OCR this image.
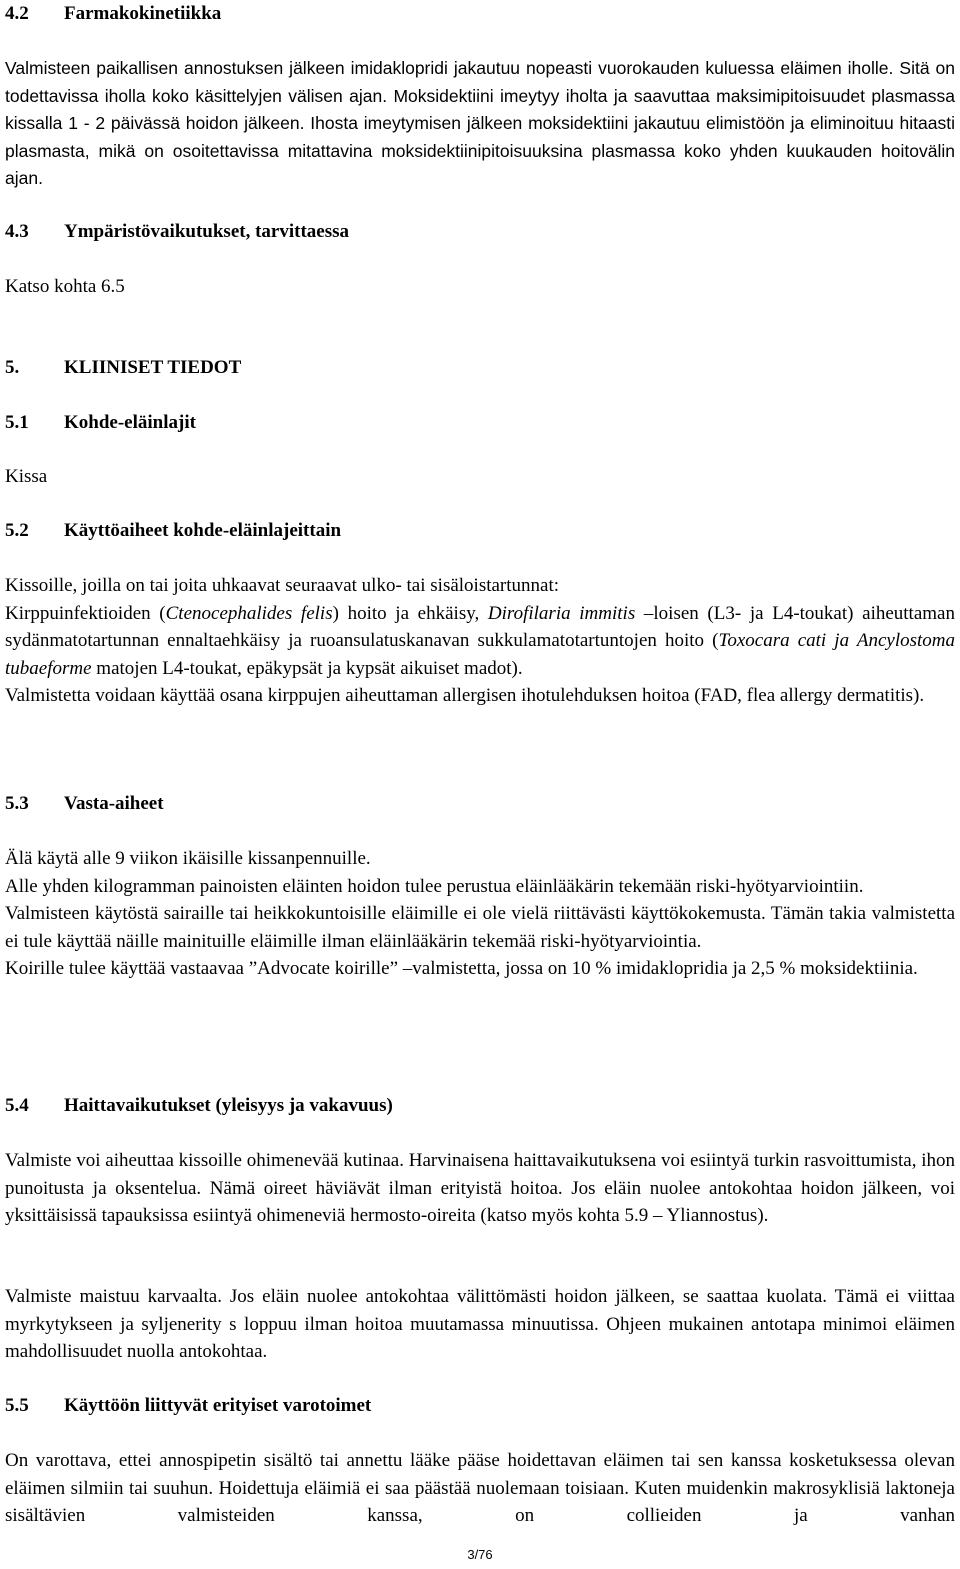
4.2	Farmakokinetiikka

Valmisteen paikallisen annostuksen jälkeen imidaklopridi jakautuu nopeasti vuorokauden kuluessa eläimen iholle. Sitä on todettavissa iholla koko käsittelyjen välisen ajan. Moksidektiini imeytyy iholta ja saavuttaa maksimipitoisuudet plasmassa kissalla 1 - 2 päivässä hoidon jälkeen. Ihosta imeytymisen jälkeen moksidektiini jakautuu elimistöön ja eliminoituu hitaasti plasmasta, mikä on osoitettavissa mitattavina moksidektiinipitoisuuksina plasmassa koko yhden kuukauden hoitovälin ajan.

4.3	Ympäristövaikutukset, tarvittaessa

Katso kohta 6.5

5.	KLIINISET TIEDOT
5.1	Kohde-eläinlajit

Kissa

5.2	Käyttöaiheet kohde-eläinlajeittain

Kissoille, joilla on tai joita uhkaavat seuraavat ulko- tai sisäloistartunnat:

Kirppuinfektioiden (Ctenocephalides felis) hoito ja ehkäisy, Dirofilaria immitis –loisen (L3- ja L4-toukat) aiheuttaman sydänmatotartunnan ennaltaehkäisy ja ruoansulatuskanavan sukkulamatotartuntojen hoito (Toxocara cati ja Ancylostoma tubaeforme matojen L4-toukat, epäkypsät ja kypsät aikuiset madot).

Valmistetta voidaan käyttää osana kirppujen aiheuttaman allergisen ihotulehduksen hoitoa (FAD, flea allergy dermatitis).

5.3	Vasta-aiheet

Älä käytä alle 9 viikon ikäisille kissanpennuille.

Alle yhden kilogramman painoisten eläinten hoidon tulee perustua eläinlääkärin tekemään riski-hyötyarviointiin.

Valmisteen käytöstä sairaille tai heikkokuntoisille eläimille ei ole vielä riittävästi käyttökokemusta. Tämän takia valmistetta ei tule käyttää näille mainituille eläimille ilman eläinlääkärin tekemää riski-hyötyarviointia.

Koirille tulee käyttää vastaavaa ”Advocate koirille” –valmistetta, jossa on 10 % imidaklopridia ja 2,5 % moksidektiinia.

5.4	Haittavaikutukset (yleisyys ja vakavuus)

Valmiste voi aiheuttaa kissoille ohimenevää kutinaa. Harvinaisena haittavaikutuksena voi esiintyä turkin rasvoittumista, ihon punoitusta ja oksentelua. Nämä oireet häviävät ilman erityistä hoitoa. Jos eläin nuolee antokohtaa hoidon jälkeen, voi yksittäisissä tapauksissa esiintyä ohimeneviä hermosto-oireita (katso myös kohta 5.9 – Yliannostus).

Valmiste maistuu karvaalta. Jos eläin nuolee antokohtaa välittömästi hoidon jälkeen, se saattaa kuolata. Tämä ei viittaa myrkytykseen ja syljenerity s loppuu ilman hoitoa muutamassa minuutissa. Ohjeen mukainen antotapa minimoi eläimen mahdollisuudet nuolla antokohtaa.

5.5	Käyttöön liittyvät erityiset varotoimet

On varottava, ettei annospipetin sisältö tai annettu lääke pääse hoidettavan eläimen tai sen kanssa kosketuksessa olevan eläimen silmiin tai suuhun. Hoidettuja eläimiä ei saa päästää nuolemaan toisiaan. Kuten muidenkin makrosyklisiä laktoneja sisältävien valmisteiden kanssa, on collieiden ja vanhan

3/76
